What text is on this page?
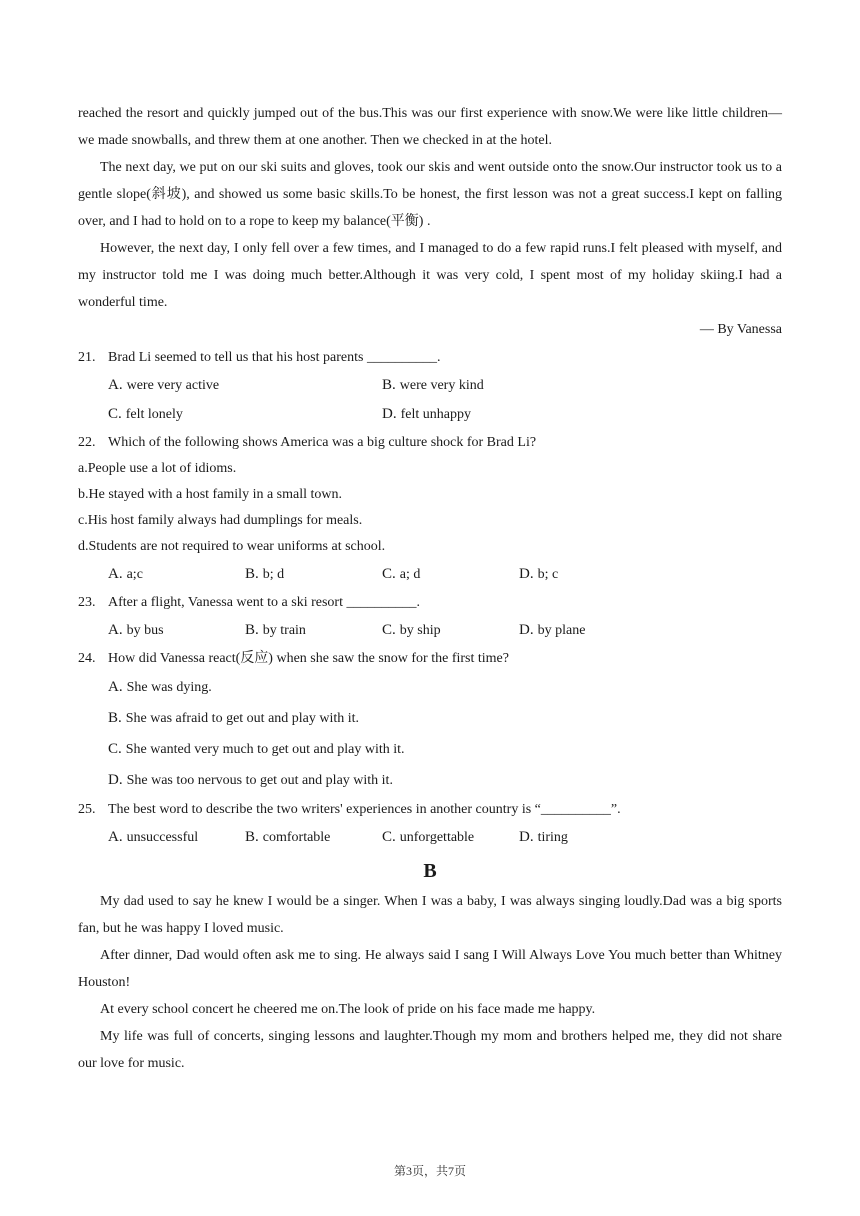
reached the resort and quickly jumped out of the bus.This was our first experience with snow.We were like little children—we made snowballs, and threw them at one another. Then we checked in at the hotel.

The next day, we put on our ski suits and gloves, took our skis and went outside onto the snow.Our instructor took us to a gentle slope(斜坡), and showed us some basic skills.To be honest, the first lesson was not a great success.I kept on falling over, and I had to hold on to a rope to keep my balance(平衡) .

However, the next day, I only fell over a few times, and I managed to do a few rapid runs.I felt pleased with myself, and my instructor told me I was doing much better.Although it was very cold, I spent most of my holiday skiing.I had a wonderful time.

— By Vanessa

21. Brad Li seemed to tell us that his host parents __________.
A. were very active	B. were very kind
C. felt lonely	D. felt unhappy
22. Which of the following shows America was a big culture shock for Brad Li?

a.People use a lot of idioms.

b.He stayed with a host family in a small town.

c.His host family always had dumplings for meals.

d.Students are not required to wear uniforms at school.

A. a;c	B. b; d	C. a; d	D. b; c
23. After a flight, Vanessa went to a ski resort __________.
A. by bus	B. by train	C. by ship	D. by plane
24. How did Vanessa react(反应) when she saw the snow for the first time?
A. She was dying.
B. She was afraid to get out and play with it.
C. She wanted very much to get out and play with it.
D. She was too nervous to get out and play with it.
25. The best word to describe the two writers' experiences in another country is “__________”.
A. unsuccessful	B. comfortable	C. unforgettable	D. tiring

B

My dad used to say he knew I would be a singer. When I was a baby, I was always singing loudly.Dad was a big sports fan, but he was happy I loved music.

After dinner, Dad would often ask me to sing. He always said I sang I Will Always Love You much better than Whitney Houston!

At every school concert he cheered me on.The look of pride on his face made me happy.

My life was full of concerts, singing lessons and laughter.Though my mom and brothers helped me, they did not share our love for music.

第3页，共7页
